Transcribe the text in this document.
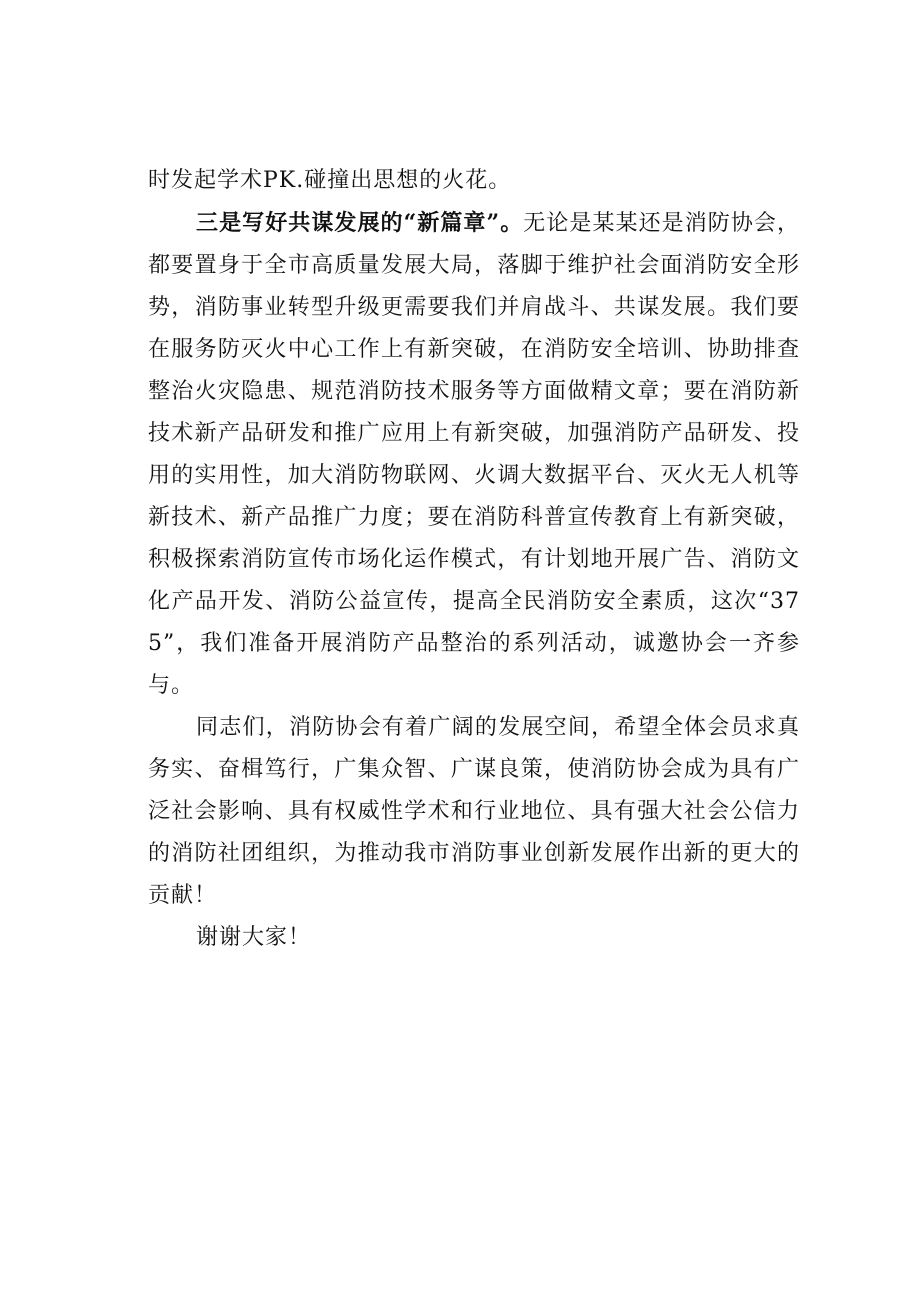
时发起学术PK.碰撞出思想的火花。

三是写好共谋发展的“新篇章”。无论是某某还是消防协会，都要置身于全市高质量发展大局，落脚于维护社会面消防安全形势，消防事业转型升级更需要我们并肩战斗、共谋发展。我们要在服务防灭火中心工作上有新突破，在消防安全培训、协助排查整治火灾隐患、规范消防技术服务等方面做精文章；要在消防新技术新产品研发和推广应用上有新突破，加强消防产品研发、投用的实用性，加大消防物联网、火调大数据平台、灭火无人机等新技术、新产品推广力度；要在消防科普宣传教育上有新突破，积极探索消防宣传市场化运作模式，有计划地开展广告、消防文化产品开发、消防公益宣传，提高全民消防安全素质，这次“375”，我们准备开展消防产品整治的系列活动，诚邀协会一齐参与。

同志们，消防协会有着广阔的发展空间，希望全体会员求真务实、奋楫笃行，广集众智、广谋良策，使消防协会成为具有广泛社会影响、具有权威性学术和行业地位、具有强大社会公信力的消防社团组织，为推动我市消防事业创新发展作出新的更大的贡献！

谢谢大家！
